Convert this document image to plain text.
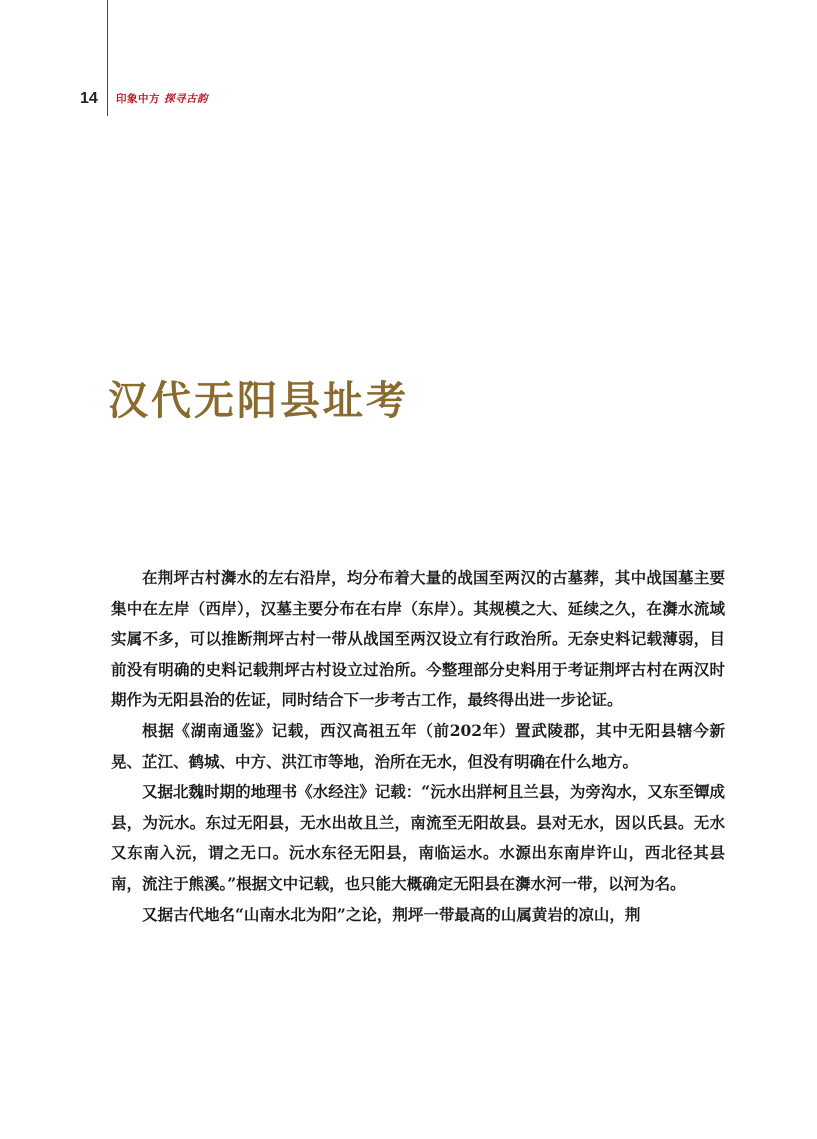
14 印象中方 探寻古韵
汉代无阳县址考

在荆坪古村㵲水的左右沿岸，均分布着大量的战国至两汉的古墓葬，其中战国墓主要集中在左岸（西岸），汉墓主要分布在右岸（东岸）。其规模之大、延续之久，在㵲水流域实属不多，可以推断荆坪古村一带从战国至两汉设立有行政治所。无奈史料记载薄弱，目前没有明确的史料记载荆坪古村设立过治所。今整理部分史料用于考证荆坪古村在两汉时期作为无阳县治的佐证，同时结合下一步考古工作，最终得出进一步论证。

根据《湖南通鉴》记载，西汉高祖五年（前202年）置武陵郡，其中无阳县辖今新晃、芷江、鹤城、中方、洪江市等地，治所在无水，但没有明确在什么地方。

又据北魏时期的地理书《水经注》记载：“沅水出牂柯且兰县，为旁沟水，又东至镡成县，为沅水。东过无阳县，无水出故且兰，南流至无阳故县。县对无水，因以氏县。无水又东南入沅，谓之无口。沅水东径无阳县，南临运水。水源出东南岸许山，西北径其县南，流注于熊溪。”根据文中记载，也只能大概确定无阳县在㵲水河一带，以河为名。

又据古代地名“山南水北为阳”之论，荆坪一带最高的山属黄岩的凉山，荆
